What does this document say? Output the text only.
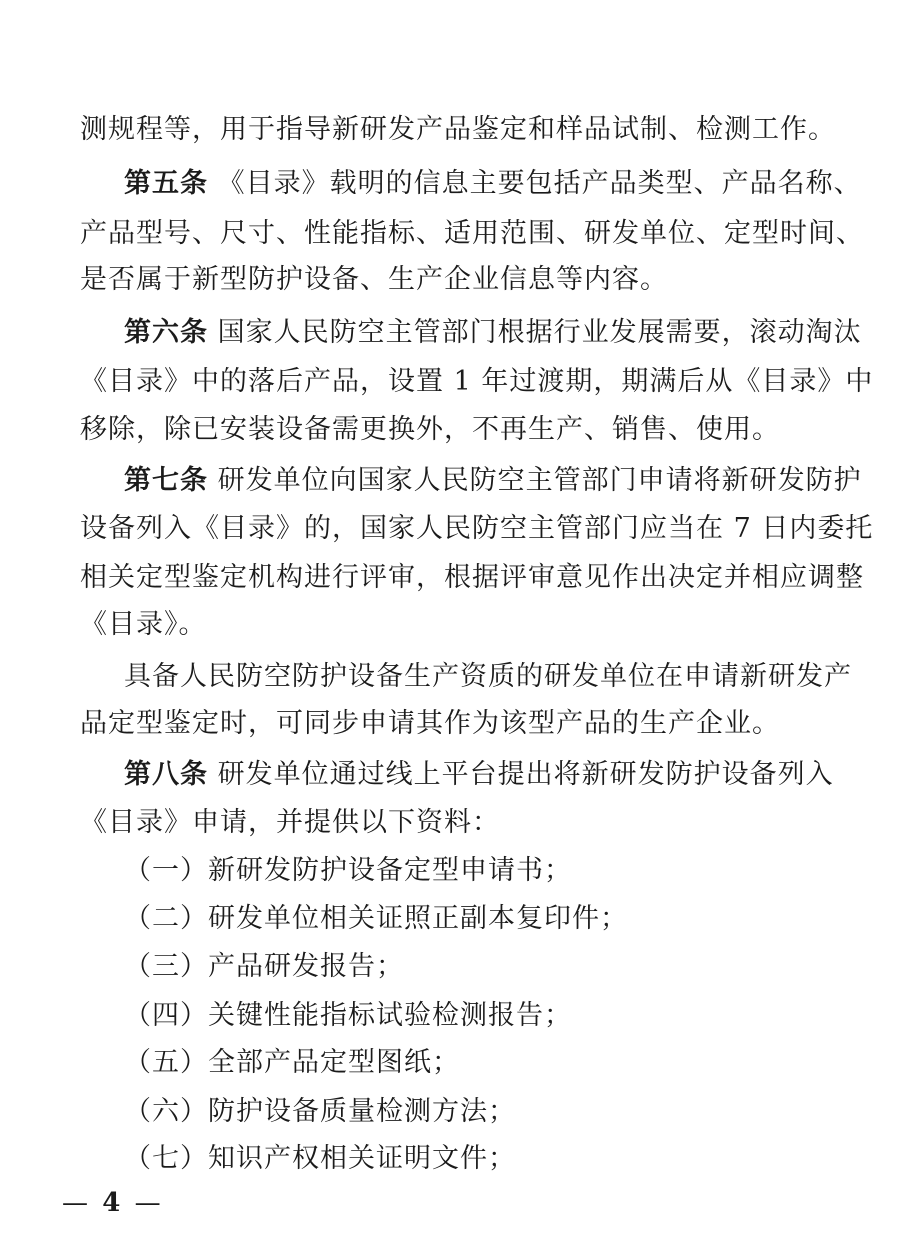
测规程等，用于指导新研发产品鉴定和样品试制、检测工作。
第五条 《目录》载明的信息主要包括产品类型、产品名称、
产品型号、尺寸、性能指标、适用范围、研发单位、定型时间、
是否属于新型防护设备、生产企业信息等内容。
第六条 国家人民防空主管部门根据行业发展需要，滚动淘汰
《目录》中的落后产品，设置 1 年过渡期，期满后从《目录》中
移除，除已安装设备需更换外，不再生产、销售、使用。
第七条 研发单位向国家人民防空主管部门申请将新研发防护
设备列入《目录》的，国家人民防空主管部门应当在 7 日内委托
相关定型鉴定机构进行评审，根据评审意见作出决定并相应调整
《目录》。
具备人民防空防护设备生产资质的研发单位在申请新研发产
品定型鉴定时，可同步申请其作为该型产品的生产企业。
第八条 研发单位通过线上平台提出将新研发防护设备列入
《目录》申请，并提供以下资料：
（一）新研发防护设备定型申请书；
（二）研发单位相关证照正副本复印件；
（三）产品研发报告；
（四）关键性能指标试验检测报告；
（五）全部产品定型图纸；
（六）防护设备质量检测方法；
（七）知识产权相关证明文件；
— 4 —
